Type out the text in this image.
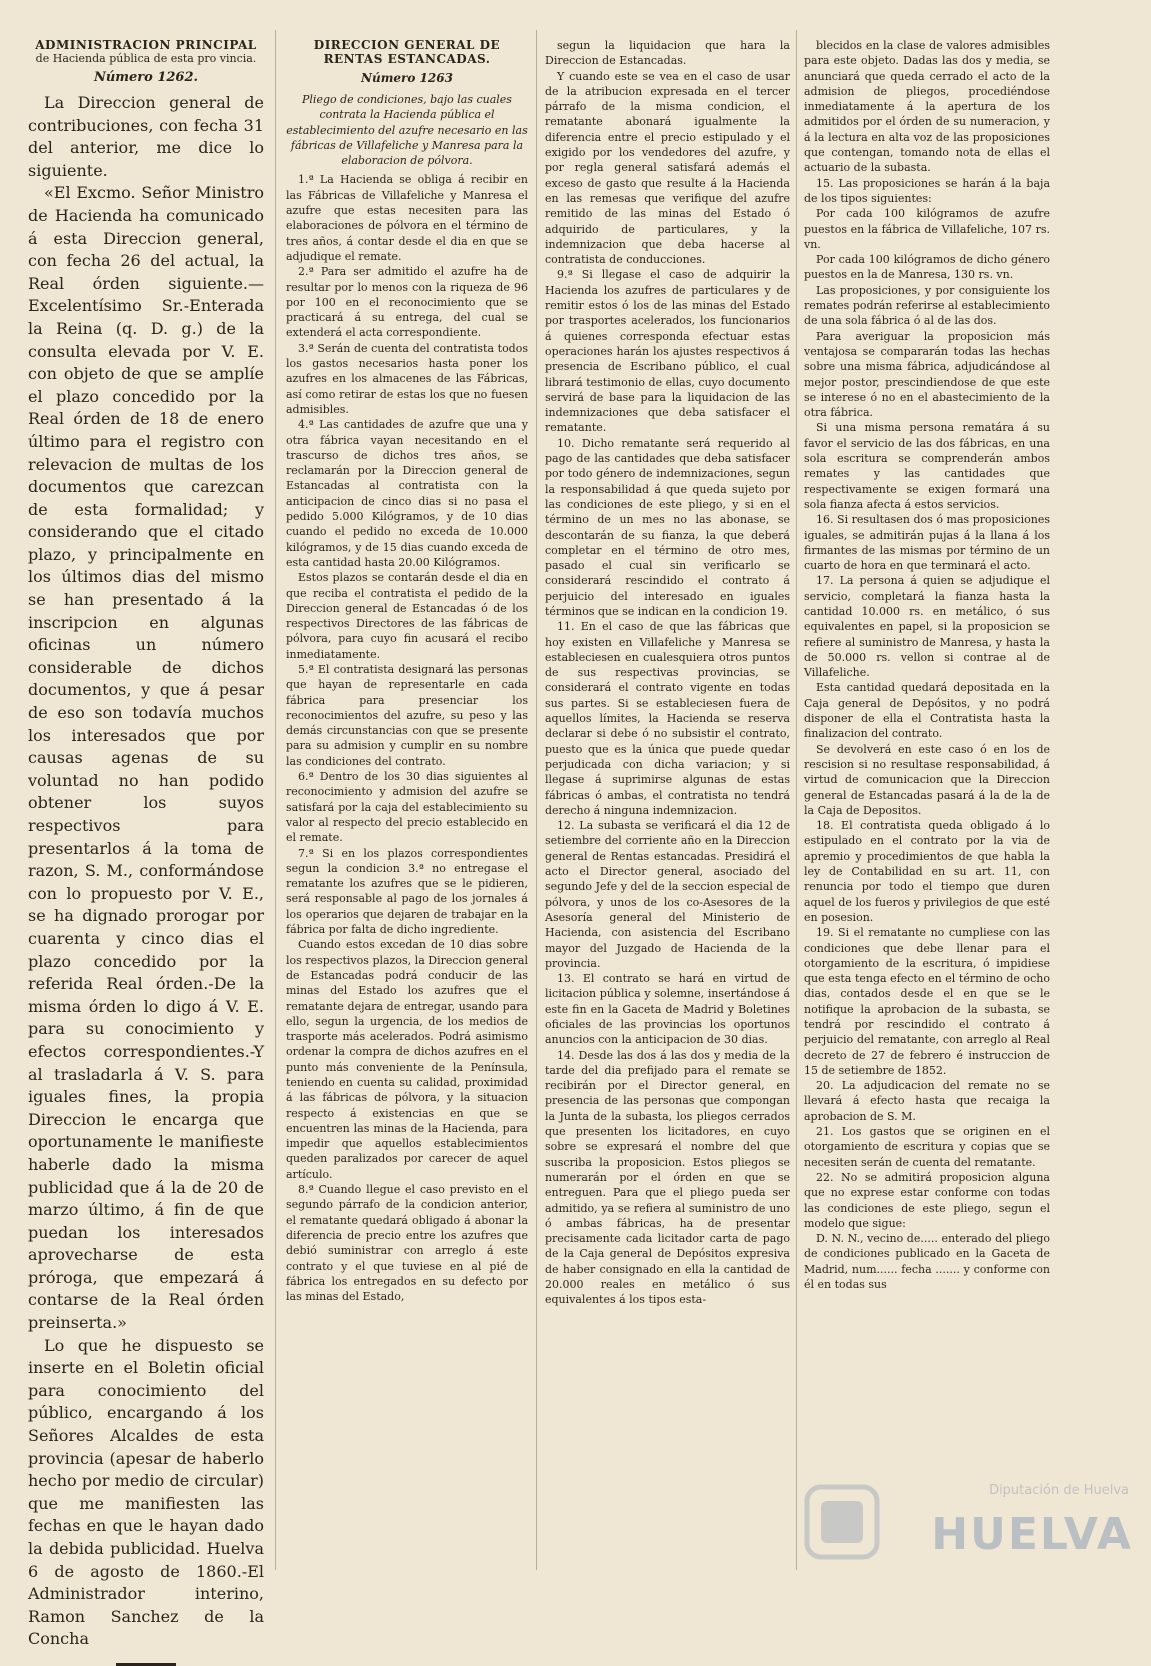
ADMINISTRACION PRINCIPAL
de Hacienda pública de esta pro vincia.
Número 1262.

La Direccion general de contribuciones, con fecha 31 del anterior, me dice lo siguiente.

«El Excmo. Señor Ministro de Hacienda ha comunicado á esta Direccion general, con fecha 26 del actual, la Real órden siguiente.—Excelentísimo Sr.-Enterada la Reina (q. D. g.) de la consulta elevada por V. E. con objeto de que se amplíe el plazo concedido por la Real órden de 18 de enero último para el registro con relevacion de multas de los documentos que carezcan de esta formalidad; y considerando que el citado plazo, y principalmente en los últimos dias del mismo se han presentado á la inscripcion en algunas oficinas un número considerable de dichos documentos, y que á pesar de eso son todavía muchos los interesados que por causas agenas de su voluntad no han podido obtener los suyos respectivos para presentarlos á la toma de razon, S. M., conformándose con lo propuesto por V. E., se ha dignado prorogar por cuarenta y cinco dias el plazo concedido por la referida Real órden.-De la misma órden lo digo á V. E. para su conocimiento y efectos correspondientes.-Y al trasladarla á V. S. para iguales fines, la propia Direccion le encarga que oportunamente le manifieste haberle dado la misma publicidad que á la de 20 de marzo último, á fin de que puedan los interesados aprovecharse de esta próroga, que empezará á contarse de la Real órden preinserta.»

Lo que he dispuesto se inserte en el Boletin oficial para conocimiento del público, encargando á los Señores Alcaldes de esta provincia (apesar de haberlo hecho por medio de circular) que me manifiesten las fechas en que le hayan dado la debida publicidad. Huelva 6 de agosto de 1860.-El Administrador interino, Ramon Sanchez de la Concha

DIRECCION GENERAL DE RENTAS ESTANCADAS.
Número 1263
Pliego de condiciones, bajo las cuales contrata la Hacienda pública el establecimiento del azufre necesario en las fábricas de Villafeliche y Manresa para la elaboracion de pólvora.

1.ª La Hacienda se obliga á recibir en las Fábricas de Villafeliche y Manresa el azufre que estas necesiten para las elaboraciones de pólvora en el término de tres años, á contar desde el dia en que se adjudique el remate.

2.ª Para ser admitido el azufre ha de resultar por lo menos con la riqueza de 96 por 100 en el reconocimiento que se practicará á su entrega, del cual se extenderá el acta correspondiente.

3.ª Serán de cuenta del contratista todos los gastos necesarios hasta poner los azufres en los almacenes de las Fábricas, así como retirar de estas los que no fuesen admisibles.

4.ª Las cantidades de azufre que una y otra fábrica vayan necesitando en el trascurso de dichos tres años, se reclamarán por la Direccion general de Estancadas al contratista con la anticipacion de cinco dias si no pasa el pedido 5.000 Kilógramos, y de 10 dias cuando el pedido no exceda de 10.000 kilógramos, y de 15 dias cuando exceda de esta cantidad hasta 20.00 Kilógramos.

Estos plazos se contarán desde el dia en que reciba el contratista el pedido de la Direccion general de Estancadas ó de los respectivos Directores de las fábricas de pólvora, para cuyo fin acusará el recibo inmediatamente.

5.ª El contratista designará las personas que hayan de representarle en cada fábrica para presenciar los reconocimientos del azufre, su peso y las demás circunstancias con que se presente para su admision y cumplir en su nombre las condiciones del contrato.

6.ª Dentro de los 30 dias siguientes al reconocimiento y admision del azufre se satisfará por la caja del establecimiento su valor al respecto del precio establecido en el remate.

7.ª Si en los plazos correspondientes segun la condicion 3.ª no entregase el rematante los azufres que se le pidieren, será responsable al pago de los jornales á los operarios que dejaren de trabajar en la fábrica por falta de dicho ingrediente.

Cuando estos excedan de 10 dias sobre los respectivos plazos, la Direccion general de Estancadas podrá conducir de las minas del Estado los azufres que el rematante dejara de entregar, usando para ello, segun la urgencia, de los medios de trasporte más acelerados. Podrá asimismo ordenar la compra de dichos azufres en el punto más conveniente de la Península, teniendo en cuenta su calidad, proximidad á las fábricas de pólvora, y la situacion respecto á existencias en que se encuentren las minas de la Hacienda, para impedir que aquellos establecimientos queden paralizados por carecer de aquel artículo.

8.ª Cuando llegue el caso previsto en el segundo párrafo de la condicion anterior, el rematante quedará obligado á abonar la diferencia de precio entre los azufres que debió suministrar con arreglo á este contrato y el que tuviese en al pié de fábrica los entregados en su defecto por las minas del Estado,

segun la liquidacion que hara la Direccion de Estancadas.

Y cuando este se vea en el caso de usar de la atribucion expresada en el tercer párrafo de la misma condicion, el rematante abonará igualmente la diferencia entre el precio estipulado y el exigido por los vendedores del azufre, y por regla general satisfará además el exceso de gasto que resulte á la Hacienda en las remesas que verifique del azufre remitido de las minas del Estado ó adquirido de particulares, y la indemnizacion que deba hacerse al contratista de conducciones.

9.ª Si llegase el caso de adquirir la Hacienda los azufres de particulares y de remitir estos ó los de las minas del Estado por trasportes acelerados, los funcionarios á quienes corresponda efectuar estas operaciones harán los ajustes respectivos á presencia de Escribano público, el cual librará testimonio de ellas, cuyo documento servirá de base para la liquidacion de las indemnizaciones que deba satisfacer el rematante.

10. Dicho rematante será requerido al pago de las cantidades que deba satisfacer por todo género de indemnizaciones, segun la responsabilidad á que queda sujeto por las condiciones de este pliego, y si en el término de un mes no las abonase, se descontarán de su fianza, la que deberá completar en el término de otro mes, pasado el cual sin verificarlo se considerará rescindido el contrato á perjuicio del interesado en iguales términos que se indican en la condicion 19.

11. En el caso de que las fábricas que hoy existen en Villafeliche y Manresa se estableciesen en cualesquiera otros puntos de sus respectivas provincias, se considerará el contrato vigente en todas sus partes. Si se estableciesen fuera de aquellos límites, la Hacienda se reserva declarar si debe ó no subsistir el contrato, puesto que es la única que puede quedar perjudicada con dicha variacion; y si llegase á suprimirse algunas de estas fábricas ó ambas, el contratista no tendrá derecho á ninguna indemnizacion.

12. La subasta se verificará el dia 12 de setiembre del corriente año en la Direccion general de Rentas estancadas. Presidirá el acto el Director general, asociado del segundo Jefe y del de la seccion especial de pólvora, y unos de los co-Asesores de la Asesoría general del Ministerio de Hacienda, con asistencia del Escribano mayor del Juzgado de Hacienda de la provincia.

13. El contrato se hará en virtud de licitacion pública y solemne, insertándose á este fin en la Gaceta de Madrid y Boletines oficiales de las provincias los oportunos anuncios con la anticipacion de 30 dias.

14. Desde las dos á las dos y media de la tarde del dia prefijado para el remate se recibirán por el Director general, en presencia de las personas que compongan la Junta de la subasta, los pliegos cerrados que presenten los licitadores, en cuyo sobre se expresará el nombre del que suscriba la proposicion. Estos pliegos se numerarán por el órden en que se entreguen. Para que el pliego pueda ser admitido, ya se refiera al suministro de uno ó ambas fábricas, ha de presentar precisamente cada licitador carta de pago de la Caja general de Depósitos expresiva de haber consignado en ella la cantidad de 20.000 reales en metálico ó sus equivalentes á los tipos esta-

blecidos en la clase de valores admisibles para este objeto. Dadas las dos y media, se anunciará que queda cerrado el acto de la admision de pliegos, procediéndose inmediatamente á la apertura de los admitidos por el órden de su numeracion, y á la lectura en alta voz de las proposiciones que contengan, tomando nota de ellas el actuario de la subasta.

15. Las proposiciones se harán á la baja de los tipos siguientes:

Por cada 100 kilógramos de azufre puestos en la fábrica de Villafeliche, 107 rs. vn.

Por cada 100 kilógramos de dicho género puestos en la de Manresa, 130 rs. vn.

Las proposiciones, y por consiguiente los remates podrán referirse al establecimiento de una sola fábrica ó al de las dos.

Para averiguar la proposicion más ventajosa se compararán todas las hechas sobre una misma fábrica, adjudicándose al mejor postor, prescindiendose de que este se interese ó no en el abastecimiento de la otra fábrica.

Si una misma persona rematára á su favor el servicio de las dos fábricas, en una sola escritura se comprenderán ambos remates y las cantidades que respectivamente se exigen formará una sola fianza afecta á estos servicios.

16. Si resultasen dos ó mas proposiciones iguales, se admitirán pujas á la llana á los firmantes de las mismas por término de un cuarto de hora en que terminará el acto.

17. La persona á quien se adjudique el servicio, completará la fianza hasta la cantidad 10.000 rs. en metálico, ó sus equivalentes en papel, si la proposicion se refiere al suministro de Manresa, y hasta la de 50.000 rs. vellon si contrae al de Villafeliche.

Esta cantidad quedará depositada en la Caja general de Depósitos, y no podrá disponer de ella el Contratista hasta la finalizacion del contrato.

Se devolverá en este caso ó en los de rescision si no resultase responsabilidad, á virtud de comunicacion que la Direccion general de Estancadas pasará á la de la de la Caja de Depositos.

18. El contratista queda obligado á lo estipulado en el contrato por la via de apremio y procedimientos de que habla la ley de Contabilidad en su art. 11, con renuncia por todo el tiempo que duren aquel de los fueros y privilegios de que esté en posesion.

19. Si el rematante no cumpliese con las condiciones que debe llenar para el otorgamiento de la escritura, ó impidiese que esta tenga efecto en el término de ocho dias, contados desde el en que se le notifique la aprobacion de la subasta, se tendrá por rescindido el contrato á perjuicio del rematante, con arreglo al Real decreto de 27 de febrero é instruccion de 15 de setiembre de 1852.

20. La adjudicacion del remate no se llevará á efecto hasta que recaiga la aprobacion de S. M.

21. Los gastos que se originen en el otorgamiento de escritura y copias que se necesiten serán de cuenta del rematante.

22. No se admitirá proposicion alguna que no exprese estar conforme con todas las condiciones de este pliego, segun el modelo que sigue:

D. N. N., vecino de..... enterado del pliego de condiciones publicado en la Gaceta de Madrid, num...... fecha ....... y conforme con él en todas sus

Diputación de Huelva
HUELVA
